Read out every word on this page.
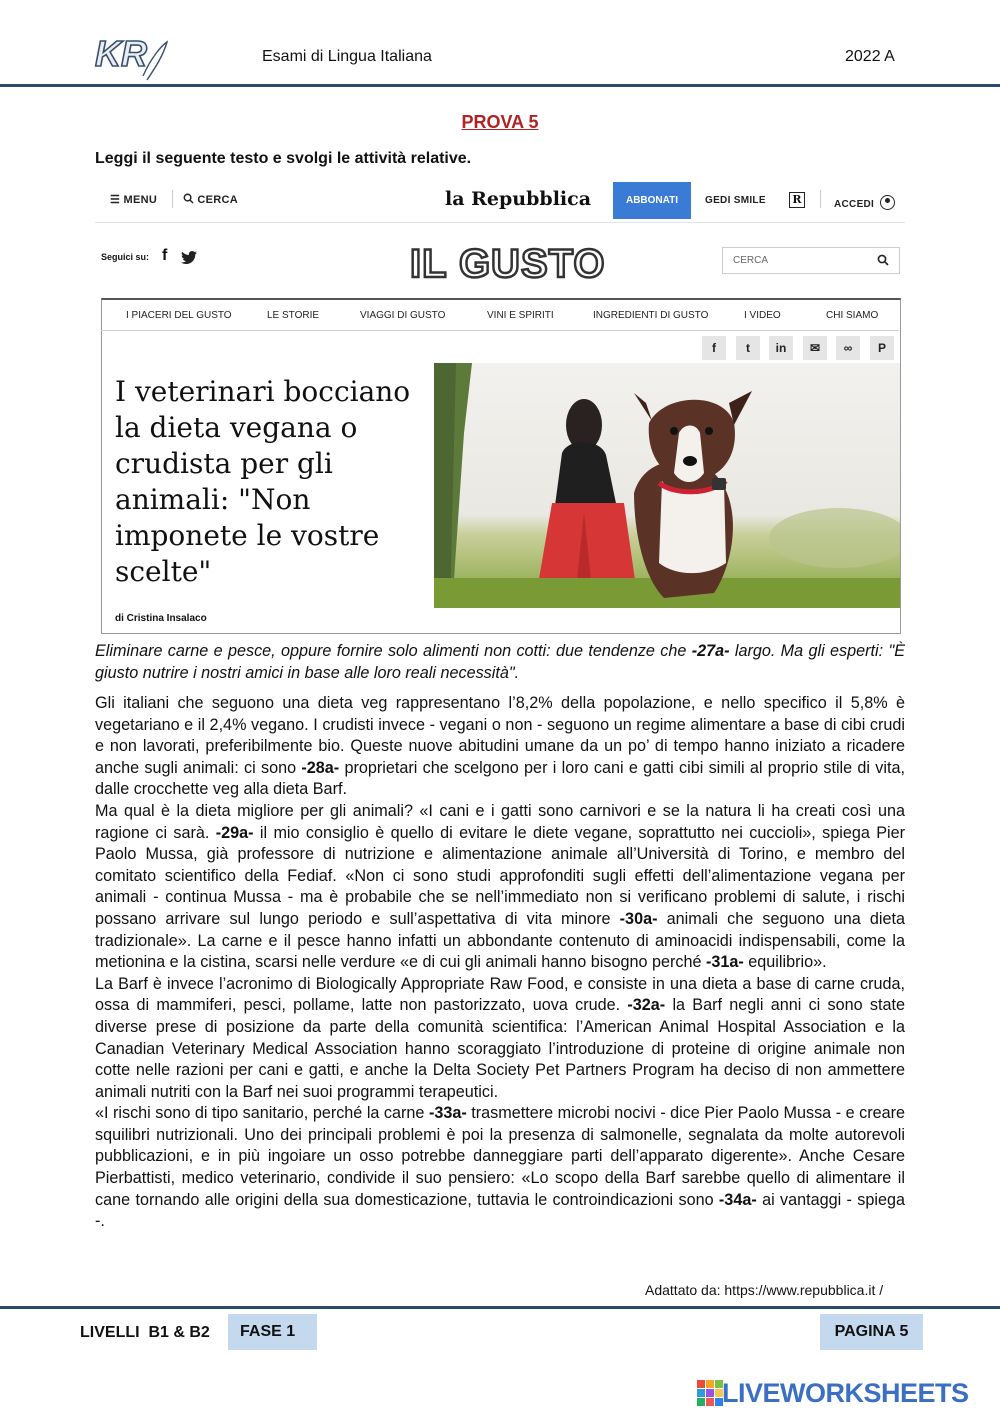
KR	Esami di Lingua Italiana	2022 A
PROVA 5
Leggi il seguente testo e svolgi le attività relative.
☰ MENU	CERCA	la Repubblica	ABBONATI	GEDI SMILE	R	ACCEDI
Seguici su: f	IL GUSTO	CERCA
I PIACERI DEL GUSTO	LE STORIE	VIAGGI DI GUSTO	VINI E SPIRITI	INGREDIENTI DI GUSTO	I VIDEO	CHI SIAMO
f	t	in	✉	∞	P
I veterinari bocciano la dieta vegana o crudista per gli animali: "Non imponete le vostre scelte"
di Cristina Insalaco
Eliminare carne e pesce, oppure fornire solo alimenti non cotti: due tendenze che -27a- largo. Ma gli esperti: "È giusto nutrire i nostri amici in base alle loro reali necessità".

Gli italiani che seguono una dieta veg rappresentano l’8,2% della popolazione, e nello specifico il 5,8% è vegetariano e il 2,4% vegano. I crudisti invece - vegani o non - seguono un regime alimentare a base di cibi crudi e non lavorati, preferibilmente bio. Queste nuove abitudini umane da un po’ di tempo hanno iniziato a ricadere anche sugli animali: ci sono -28a- proprietari che scelgono per i loro cani e gatti cibi simili al proprio stile di vita, dalle crocchette veg alla dieta Barf.

Ma qual è la dieta migliore per gli animali? «I cani e i gatti sono carnivori e se la natura li ha creati così una ragione ci sarà. -29a- il mio consiglio è quello di evitare le diete vegane, soprattutto nei cuccioli», spiega Pier Paolo Mussa, già professore di nutrizione e alimentazione animale all’Università di Torino, e membro del comitato scientifico della Fediaf. «Non ci sono studi approfonditi sugli effetti dell’alimentazione vegana per animali - continua Mussa - ma è probabile che se nell’immediato non si verificano problemi di salute, i rischi possano arrivare sul lungo periodo e sull’aspettativa di vita minore -30a- animali che seguono una dieta tradizionale». La carne e il pesce hanno infatti un abbondante contenuto di aminoacidi indispensabili, come la metionina e la cistina, scarsi nelle verdure «e di cui gli animali hanno bisogno perché -31a- equilibrio».

La Barf è invece l’acronimo di Biologically Appropriate Raw Food, e consiste in una dieta a base di carne cruda, ossa di mammiferi, pesci, pollame, latte non pastorizzato, uova crude. -32a- la Barf negli anni ci sono state diverse prese di posizione da parte della comunità scientifica: l’American Animal Hospital Association e la Canadian Veterinary Medical Association hanno scoraggiato l’introduzione di proteine di origine animale non cotte nelle razioni per cani e gatti, e anche la Delta Society Pet Partners Program ha deciso di non ammettere animali nutriti con la Barf nei suoi programmi terapeutici.

«I rischi sono di tipo sanitario, perché la carne -33a- trasmettere microbi nocivi - dice Pier Paolo Mussa - e creare squilibri nutrizionali. Uno dei principali problemi è poi la presenza di salmonelle, segnalata da molte autorevoli pubblicazioni, e in più ingoiare un osso potrebbe danneggiare parti dell’apparato digerente». Anche Cesare Pierbattisti, medico veterinario, condivide il suo pensiero: «Lo scopo della Barf sarebbe quello di alimentare il cane tornando alle origini della sua domesticazione, tuttavia le controindicazioni sono -34a- ai vantaggi - spiega -.

Adattato da: https://www.repubblica.it /
LIVELLI  B1 & B2	FASE 1	PAGINA 5
LIVEWORKSHEETS
